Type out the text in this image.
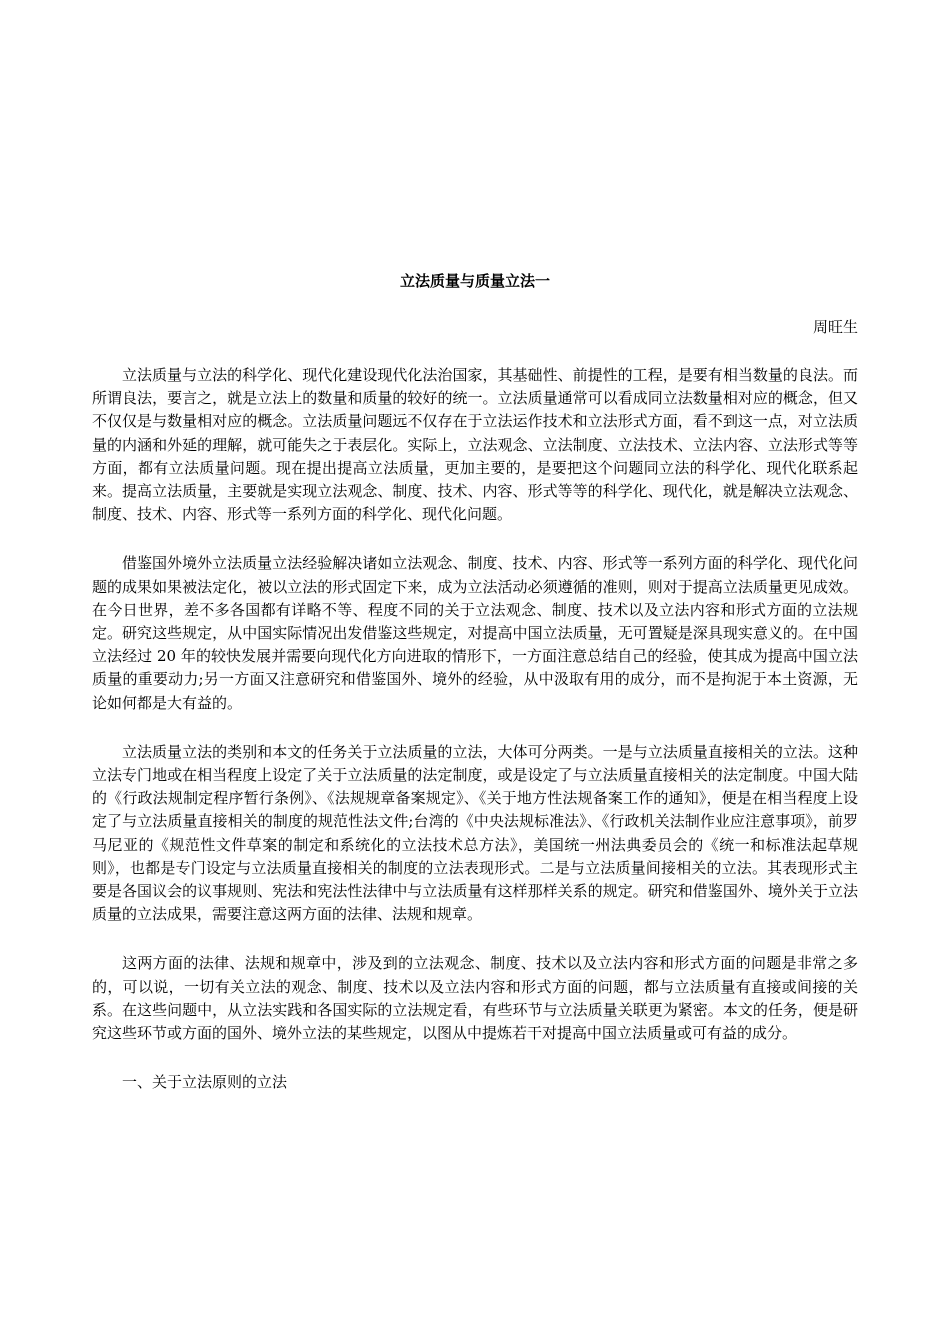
立法质量与质量立法一

周旺生

立法质量与立法的科学化、现代化建设现代化法治国家，其基础性、前提性的工程，是要有相当数量的良法。而所谓良法，要言之，就是立法上的数量和质量的较好的统一。立法质量通常可以看成同立法数量相对应的概念，但又不仅仅是与数量相对应的概念。立法质量问题远不仅存在于立法运作技术和立法形式方面，看不到这一点，对立法质量的内涵和外延的理解，就可能失之于表层化。实际上，立法观念、立法制度、立法技术、立法内容、立法形式等等方面，都有立法质量问题。现在提出提高立法质量，更加主要的，是要把这个问题同立法的科学化、现代化联系起来。提高立法质量，主要就是实现立法观念、制度、技术、内容、形式等等的科学化、现代化，就是解决立法观念、制度、技术、内容、形式等一系列方面的科学化、现代化问题。

借鉴国外境外立法质量立法经验解决诸如立法观念、制度、技术、内容、形式等一系列方面的科学化、现代化问题的成果如果被法定化，被以立法的形式固定下来，成为立法活动必须遵循的准则，则对于提高立法质量更见成效。在今日世界，差不多各国都有详略不等、程度不同的关于立法观念、制度、技术以及立法内容和形式方面的立法规定。研究这些规定，从中国实际情况出发借鉴这些规定，对提高中国立法质量，无可置疑是深具现实意义的。在中国立法经过 20 年的较快发展并需要向现代化方向进取的情形下，一方面注意总结自己的经验，使其成为提高中国立法质量的重要动力;另一方面又注意研究和借鉴国外、境外的经验，从中汲取有用的成分，而不是拘泥于本土资源，无论如何都是大有益的。

立法质量立法的类别和本文的任务关于立法质量的立法，大体可分两类。一是与立法质量直接相关的立法。这种立法专门地或在相当程度上设定了关于立法质量的法定制度，或是设定了与立法质量直接相关的法定制度。中国大陆的《行政法规制定程序暂行条例》、《法规规章备案规定》、《关于地方性法规备案工作的通知》，便是在相当程度上设定了与立法质量直接相关的制度的规范性法文件;台湾的《中央法规标准法》、《行政机关法制作业应注意事项》，前罗马尼亚的《规范性文件草案的制定和系统化的立法技术总方法》，美国统一州法典委员会的《统一和标准法起草规则》，也都是专门设定与立法质量直接相关的制度的立法表现形式。二是与立法质量间接相关的立法。其表现形式主要是各国议会的议事规则、宪法和宪法性法律中与立法质量有这样那样关系的规定。研究和借鉴国外、境外关于立法质量的立法成果，需要注意这两方面的法律、法规和规章。

这两方面的法律、法规和规章中，涉及到的立法观念、制度、技术以及立法内容和形式方面的问题是非常之多的，可以说，一切有关立法的观念、制度、技术以及立法内容和形式方面的问题，都与立法质量有直接或间接的关系。在这些问题中，从立法实践和各国实际的立法规定看，有些环节与立法质量关联更为紧密。本文的任务，便是研究这些环节或方面的国外、境外立法的某些规定，以图从中提炼若干对提高中国立法质量或可有益的成分。

一、关于立法原则的立法
